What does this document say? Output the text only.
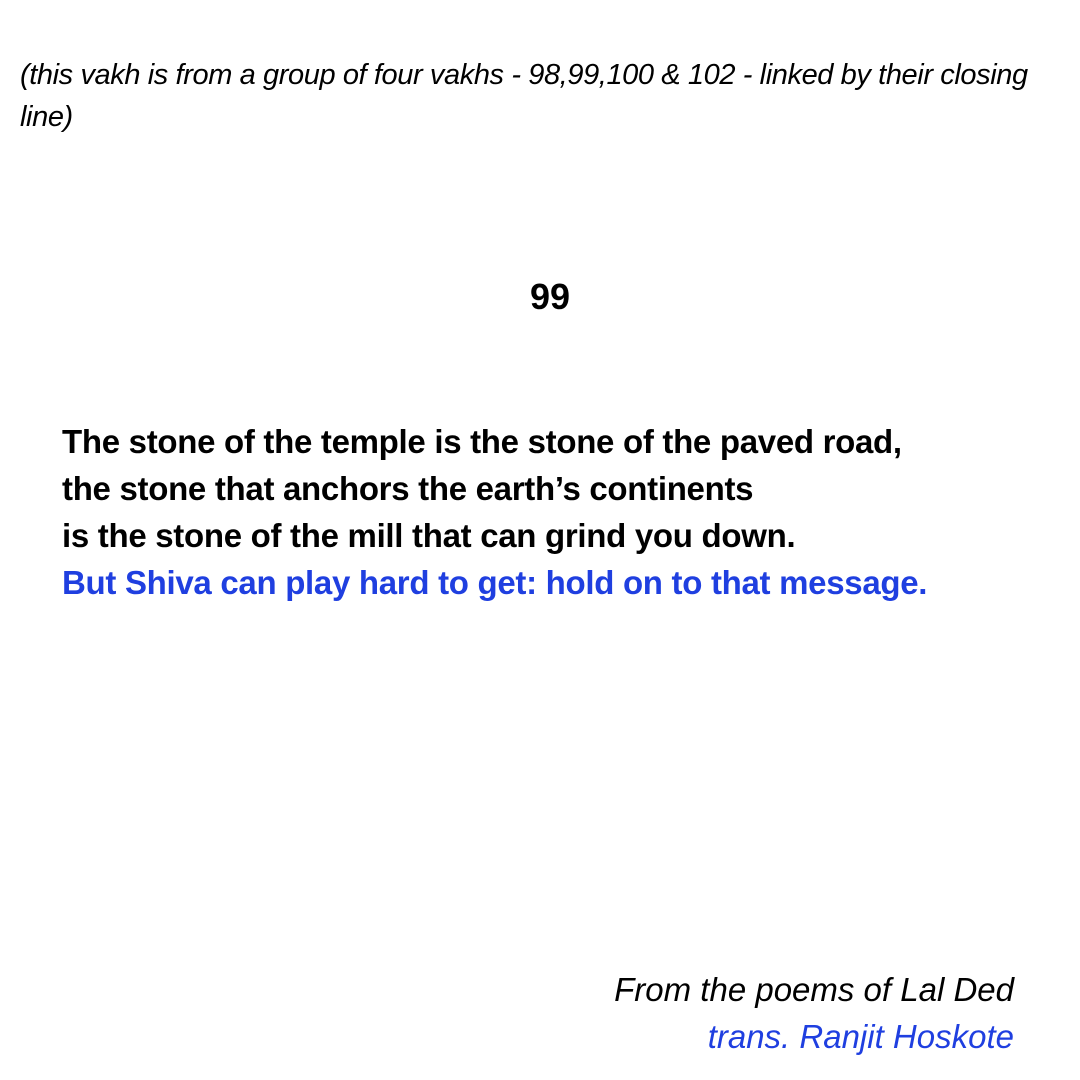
(this vakh is from a group of four vakhs - 98,99,100 & 102 - linked by their closing line)

99
The stone of the temple is the stone of the paved road,
the stone that anchors the earth’s continents
is the stone of the mill that can grind you down.
But Shiva can play hard to get: hold on to that message.
From the poems of Lal Ded
trans. Ranjit Hoskote
